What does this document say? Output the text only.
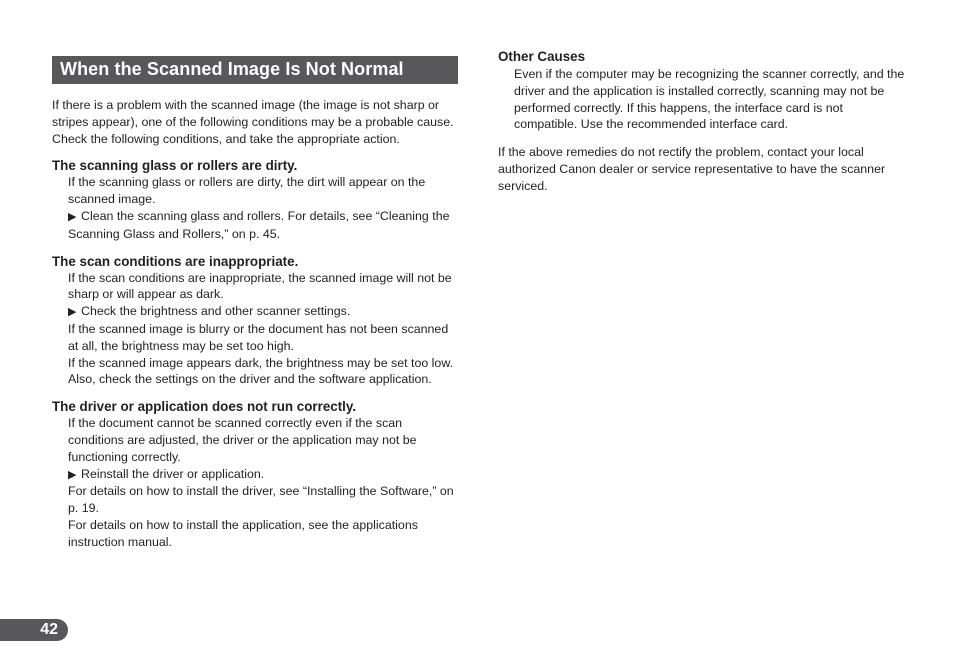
When the Scanned Image Is Not Normal

If there is a problem with the scanned image (the image is not sharp or stripes appear), one of the following conditions may be a probable cause. Check the following conditions, and take the appropriate action.

The scanning glass or rollers are dirty.

If the scanning glass or rollers are dirty, the dirt will appear on the scanned image.

▶ Clean the scanning glass and rollers. For details, see “Cleaning the Scanning Glass and Rollers,” on p. 45.

The scan conditions are inappropriate.

If the scan conditions are inappropriate, the scanned image will not be sharp or will appear as dark.

▶ Check the brightness and other scanner settings.

If the scanned image is blurry or the document has not been scanned at all, the brightness may be set too high.

If the scanned image appears dark, the brightness may be set too low.

Also, check the settings on the driver and the software application.

The driver or application does not run correctly.

If the document cannot be scanned correctly even if the scan conditions are adjusted, the driver or the application may not be functioning correctly.

▶ Reinstall the driver or application.

For details on how to install the driver, see “Installing the Software,” on p. 19.

For details on how to install the application, see the applications instruction manual.

Other Causes

Even if the computer may be recognizing the scanner correctly, and the driver and the application is installed correctly, scanning may not be performed correctly. If this happens, the interface card is not compatible. Use the recommended interface card.

If the above remedies do not rectify the problem, contact your local authorized Canon dealer or service representative to have the scanner serviced.

42
